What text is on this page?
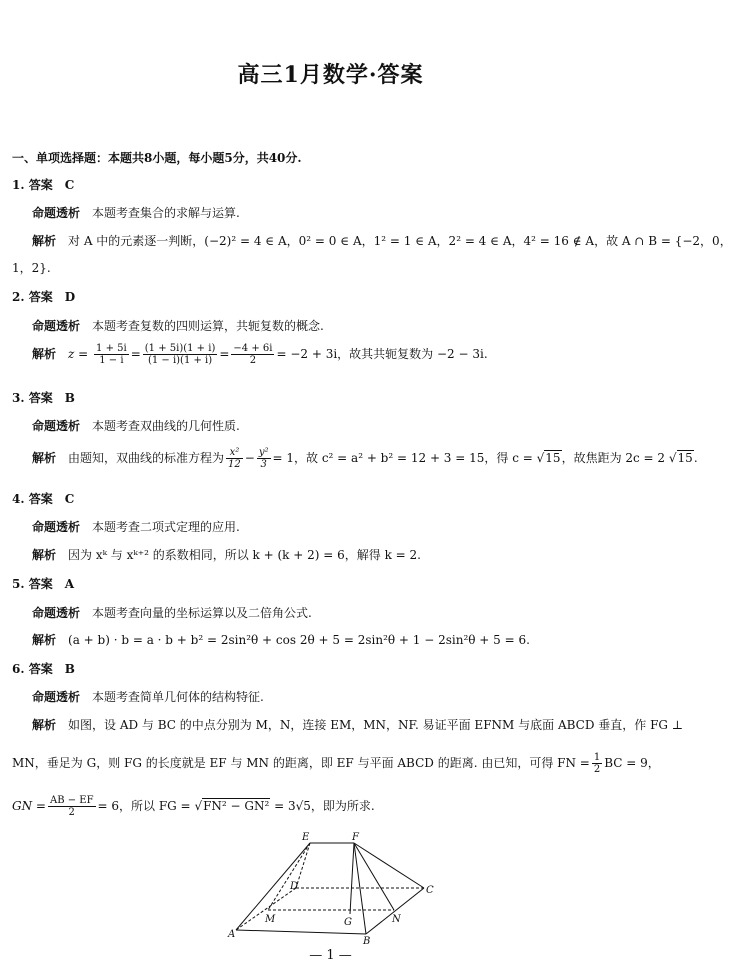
高三1月数学·答案
一、单项选择题：本题共8小题，每小题5分，共40分.
1. 答案　C
命题透析 本题考查集合的求解与运算.
解析 对 A 中的元素逐一判断，(−2)² = 4 ∈ A，0² = 0 ∈ A，1² = 1 ∈ A，2² = 4 ∈ A，4² = 16 ∉ A，故 A ∩ B = {−2，0，
1，2}.
2. 答案　D
命题透析 本题考查复数的四则运算，共轭复数的概念.
解析 $z = \frac{1 + 5i}{1 - i} = \frac{(1 + 5i)(1 + i)}{(1 - i)(1 + i)} = \frac{-4 + 6i}{2} = -2 + 3i$，故其共轭复数为 −2 − 3i.
3. 答案　B
命题透析 本题考查双曲线的几何性质.
解析 由题知，双曲线的标准方程为 $\frac{\text{x²}}{12} - \frac{\text{y²}}{3} = 1$，故 c² = a² + b² = 12 + 3 = 15，得 c = √15，故焦距为 2c = 2 √15.
4. 答案　C
命题透析 本题考查二项式定理的应用.
解析 因为 xᵏ 与 xᵏ⁺² 的系数相同，所以 k + (k + 2) = 6，解得 k = 2.
5. 答案　A
命题透析 本题考查向量的坐标运算以及二倍角公式.
解析 (a + b) · b = a · b + b² = 2sin²θ + cos 2θ + 5 = 2sin²θ + 1 − 2sin²θ + 5 = 6.
6. 答案　B
命题透析 本题考查简单几何体的结构特征.
解析 如图，设 AD 与 BC 的中点分别为 M，N，连接 EM，MN，NF. 易证平面 EFNM 与底面 ABCD 垂直，作 FG ⊥
MN，垂足为 G，则 FG 的长度就是 EF 与 MN 的距离，即 EF 与平面 ABCD 的距离. 由已知，可得 FN = $\frac{1}{2}$ BC = 9，
GN = $\frac{AB - EF}{2} = 6$，所以 FG = √FN² − GN² = 3√5，即为所求.
E	F
D	C
M	G	N
A
B
— 1 —
